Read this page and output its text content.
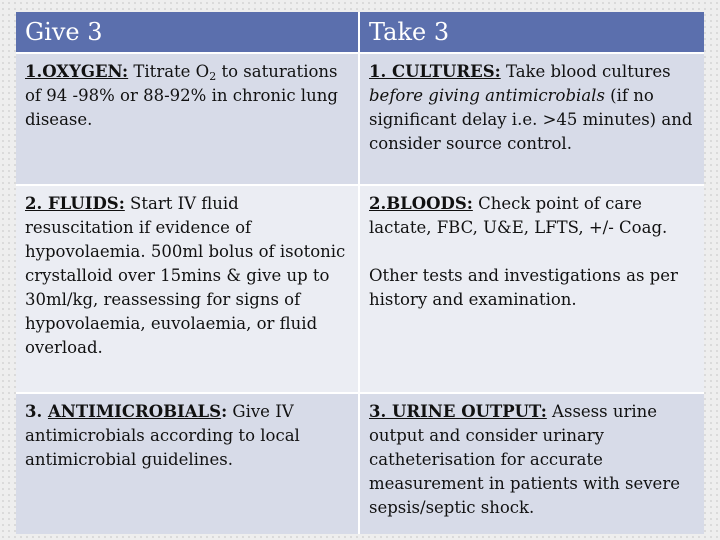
Give 3	Take 3
1.OXYGEN: Titrate $O_2$ to saturations of 94 -98% or 88-92% in chronic lung disease.
1. CULTURES: Take blood cultures before giving antimicrobials (if no significant delay i.e. >45 minutes) and consider source control.
2. FLUIDS: Start IV fluid resuscitation if evidence of hypovolaemia. 500ml bolus of isotonic crystalloid over 15mins & give up to 30ml/kg, reassessing for signs of hypovolaemia, euvolaemia, or fluid overload.
2.BLOODS: Check point of care lactate, FBC, U&E, LFTS, +/- Coag.
Other tests and investigations as per history and examination.
3. ANTIMICROBIALS: Give IV antimicrobials according to local antimicrobial guidelines.
3. URINE OUTPUT: Assess urine output and consider urinary catheterisation for accurate measurement in patients with severe sepsis/septic shock.
